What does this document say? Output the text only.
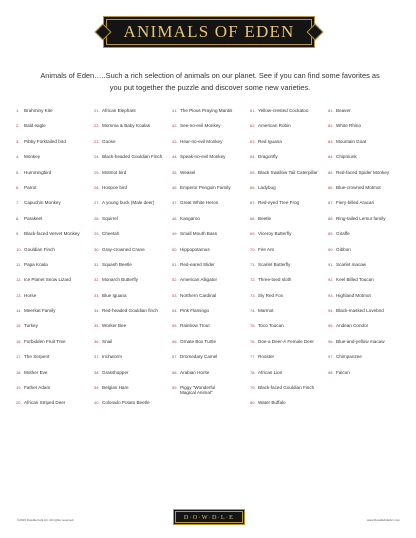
ANIMALS OF EDEN

Animals of Eden…..Such a rich selection of animals on our planet. See if you can find some favorites as you put together the puzzle and discover some new varieties.

1.	Brahminy Kite
2.	Bald eagle
3.	Pibby Forktailed bird
4.	Monkey
5.	Hummingbird
6.	Parrot
7.	Capuchin Monkey
8.	Parakeet
9.	Black-faced Vervet Monkey
10. Gouldian Finch
11. Papa Koala
12. Ice Planet Snow Lizard
13. Horse
14. Meerkat Family
15. Turkey
16. Forbidden Fruit Tree
17. The Serpent
18. Mother Eve
19. Father Adam
20. African Striped Deer
21. African Elephant
22. Momma & Baby Koalas
23. Goose
24. Black-headed Gouldian Finch
25. Motmot bird
26. Hoopoe bird
27. A young buck (Male deer)
28. Squirrel
29. Cheetah
30. Gray-crowned Crane
31. Squash Beetle
32. Monarch Butterfly
33. Blue Iguana
34. Red-headed Gouldian finch
35. Worker Bee
36. Snail
37. Inchworm
38. Grasshopper
39. Belgian Hare
40. Colorado Potato Beetle
41. The Pious Praying Mantis
42. See-no-evil Monkey
43. Hear-no-evil Monkey
44. Speak-no-evil Monkey
45. Weasel
46. Emperor Penguin Family
47. Great White Heron
48. Kangaroo
49. Small Mouth Bass
50. Hippopotamus
51. Red-eared Slider
52. American Alligator
53. Northern Cardinal
54. Pink Flamingo
55. Rainbow Trout
56. Ornate Box Turtle
57. Dromedary Camel
58. Arabian Horse
59. Piggy "Wonderful
Magical Animal"
61. Yellow-crested Cockatoo
62. American Robin
63. Red Iguana
64. Dragonfly
65. Black Swallow Tail Caterpillar
66. Ladybug
67. Red-eyed Tree Frog
68. Beetle
69. Viceroy Butterfly
70. Fire Ant
71. Scarlet Butterfly
72. Three-toed sloth
73. Sly Red Fox
74. Marmot
75. Toco Toucan
76. Doe-a Deer-A Female Deer
77. Rooster
78. African Lion
79. Black-faced Gouldian Finch
80. Water Buffalo
81. Beaver
82. White Rhino
83. Mountain Goat
84. Chipmunk
85. Red-faced Spider Monkey
86. Blue-crowned Motmot
87. Fiery-billed Aracari
88. Ring-tailed Lemur family
89. Giraffe
90. Gibbon
91. Scarlet macaw
92. Keel Billed Toucan
93. Highland Motmot
94. Black-masked Lovebird
95. Andean Condor
96. Blue-and-yellow macaw
97. Chimpanzee
98. Falcon
©2016 Dowdle Folk Art. All rights reserved.	D·O·W·D·L·E	www.DowdleFolkArt.com
